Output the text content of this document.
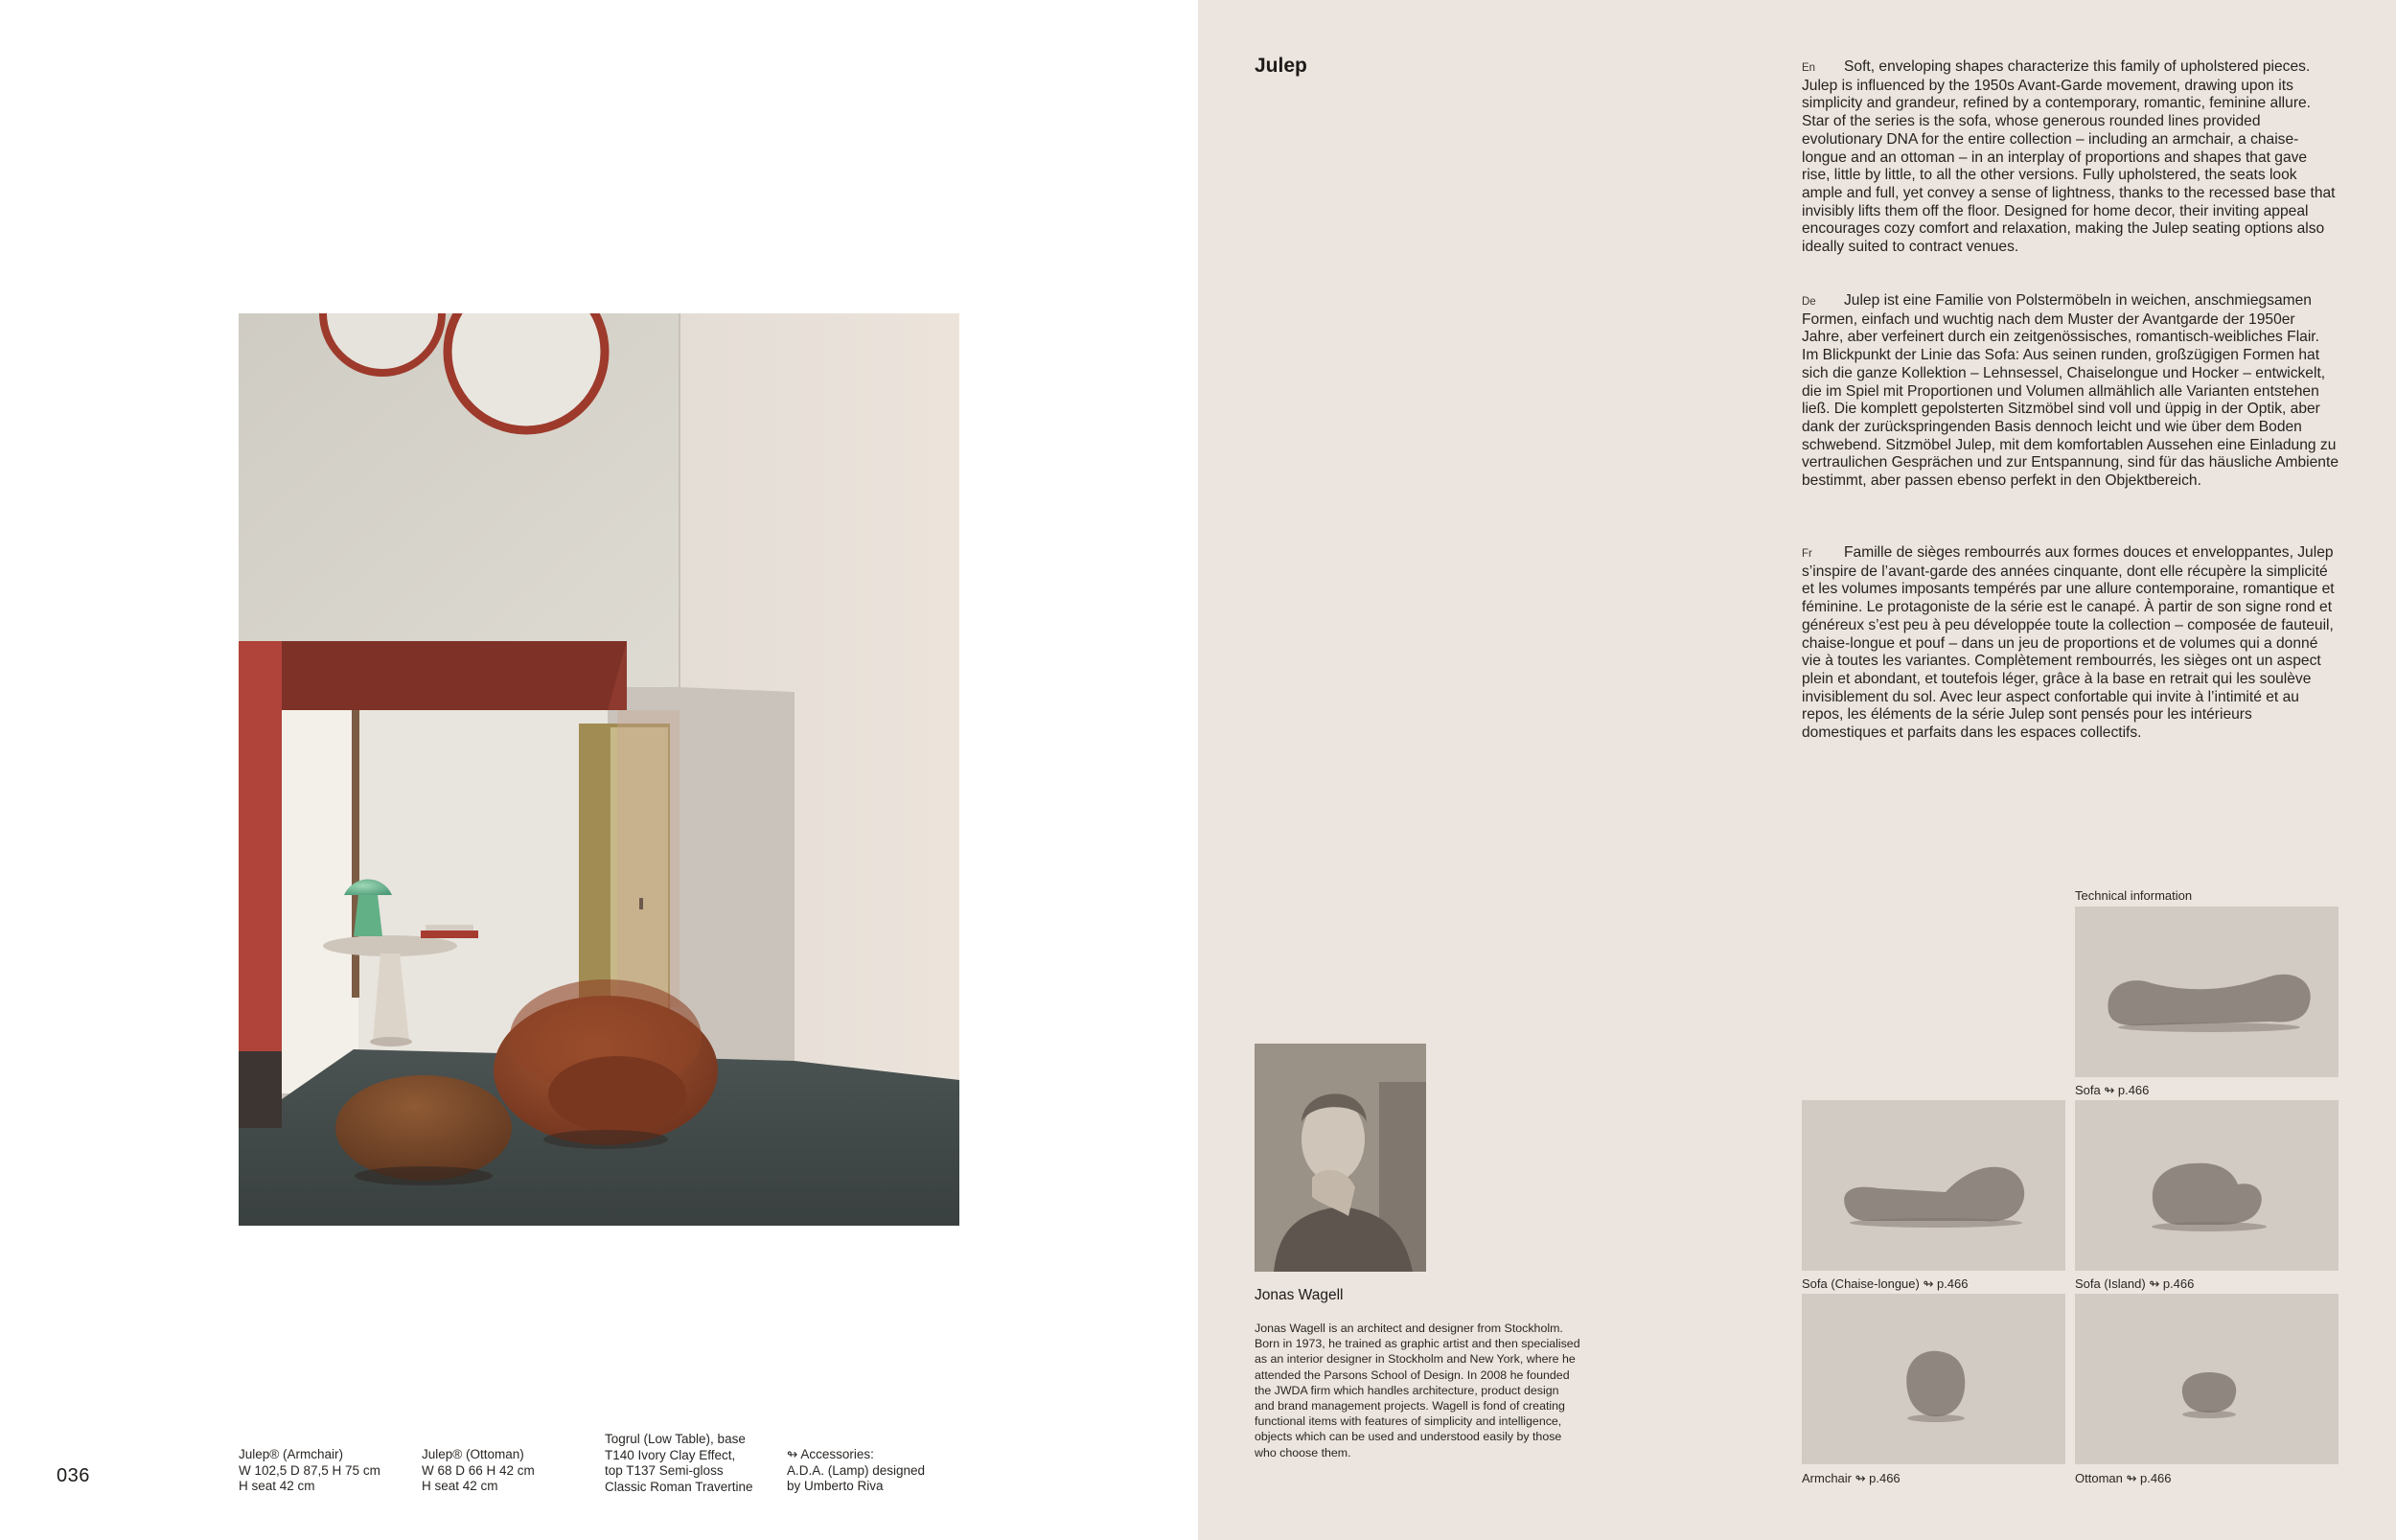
Julep® (Armchair)
W 102,5 D 87,5 H 75 cm
H seat 42 cm
Julep® (Ottoman)
W 68 D 66 H 42 cm
H seat 42 cm
Togrul (Low Table), base
T140 Ivory Clay Effect,
top T137 Semi-gloss
Classic Roman Travertine
↬ Accessories:
A.D.A. (Lamp) designed
by Umberto Riva
036
Julep	En Soft, enveloping shapes characterize this family of upholstered pieces. Julep is influenced by the 1950s Avant-Garde movement, drawing upon its simplicity and grandeur, refined by a contemporary, romantic, feminine allure. Star of the series is the sofa, whose generous rounded lines provided evolutionary DNA for the entire collection – including an armchair, a chaise-longue and an ottoman – in an interplay of proportions and shapes that gave rise, little by little, to all the other versions. Fully upholstered, the seats look ample and full, yet convey a sense of lightness, thanks to the recessed base that invisibly lifts them off the floor. Designed for home decor, their inviting appeal encourages cozy comfort and relaxation, making the Julep seating options also ideally suited to contract venues.
De Julep ist eine Familie von Polstermöbeln in weichen, anschmiegsamen Formen, einfach und wuchtig nach dem Muster der Avantgarde der 1950er Jahre, aber verfeinert durch ein zeitgenössisches, romantisch-weibliches Flair. Im Blickpunkt der Linie das Sofa: Aus seinen runden, großzügigen Formen hat sich die ganze Kollektion – Lehnsessel, Chaiselongue und Hocker – entwickelt, die im Spiel mit Proportionen und Volumen allmählich alle Varianten entstehen ließ. Die komplett gepolsterten Sitzmöbel sind voll und üppig in der Optik, aber dank der zurückspringenden Basis dennoch leicht und wie über dem Boden schwebend. Sitzmöbel Julep, mit dem komfortablen Aussehen eine Einladung zu vertraulichen Gesprächen und zur Entspannung, sind für das häusliche Ambiente bestimmt, aber passen ebenso perfekt in den Objektbereich.
Fr Famille de sièges rembourrés aux formes douces et enveloppantes, Julep s’inspire de l’avant-garde des années cinquante, dont elle récupère la simplicité et les volumes imposants tempérés par une allure contemporaine, romantique et féminine. Le protagoniste de la série est le canapé. À partir de son signe rond et généreux s’est peu à peu développée toute la collection – composée de fauteuil, chaise-longue et pouf – dans un jeu de proportions et de volumes qui a donné vie à toutes les variantes. Complètement rembourrés, les sièges ont un aspect plein et abondant, et toutefois léger, grâce à la base en retrait qui les soulève invisiblement du sol. Avec leur aspect confortable qui invite à l’intimité et au repos, les éléments de la série Julep sont pensés pour les intérieurs domestiques et parfaits dans les espaces collectifs.
Jonas Wagell
Jonas Wagell is an architect and designer from Stockholm. Born in 1973, he trained as graphic artist and then specialised as an interior designer in Stockholm and New York, where he attended the Parsons School of Design. In 2008 he founded the JWDA firm which handles architecture, product design and brand management projects. Wagell is fond of creating functional items with features of simplicity and intelligence, objects which can be used and understood easily by those who choose them.
Technical information
Sofa ↬ p.466
Sofa (Chaise-longue) ↬ p.466	Sofa (Island) ↬ p.466
Armchair ↬ p.466	Ottoman ↬ p.466
